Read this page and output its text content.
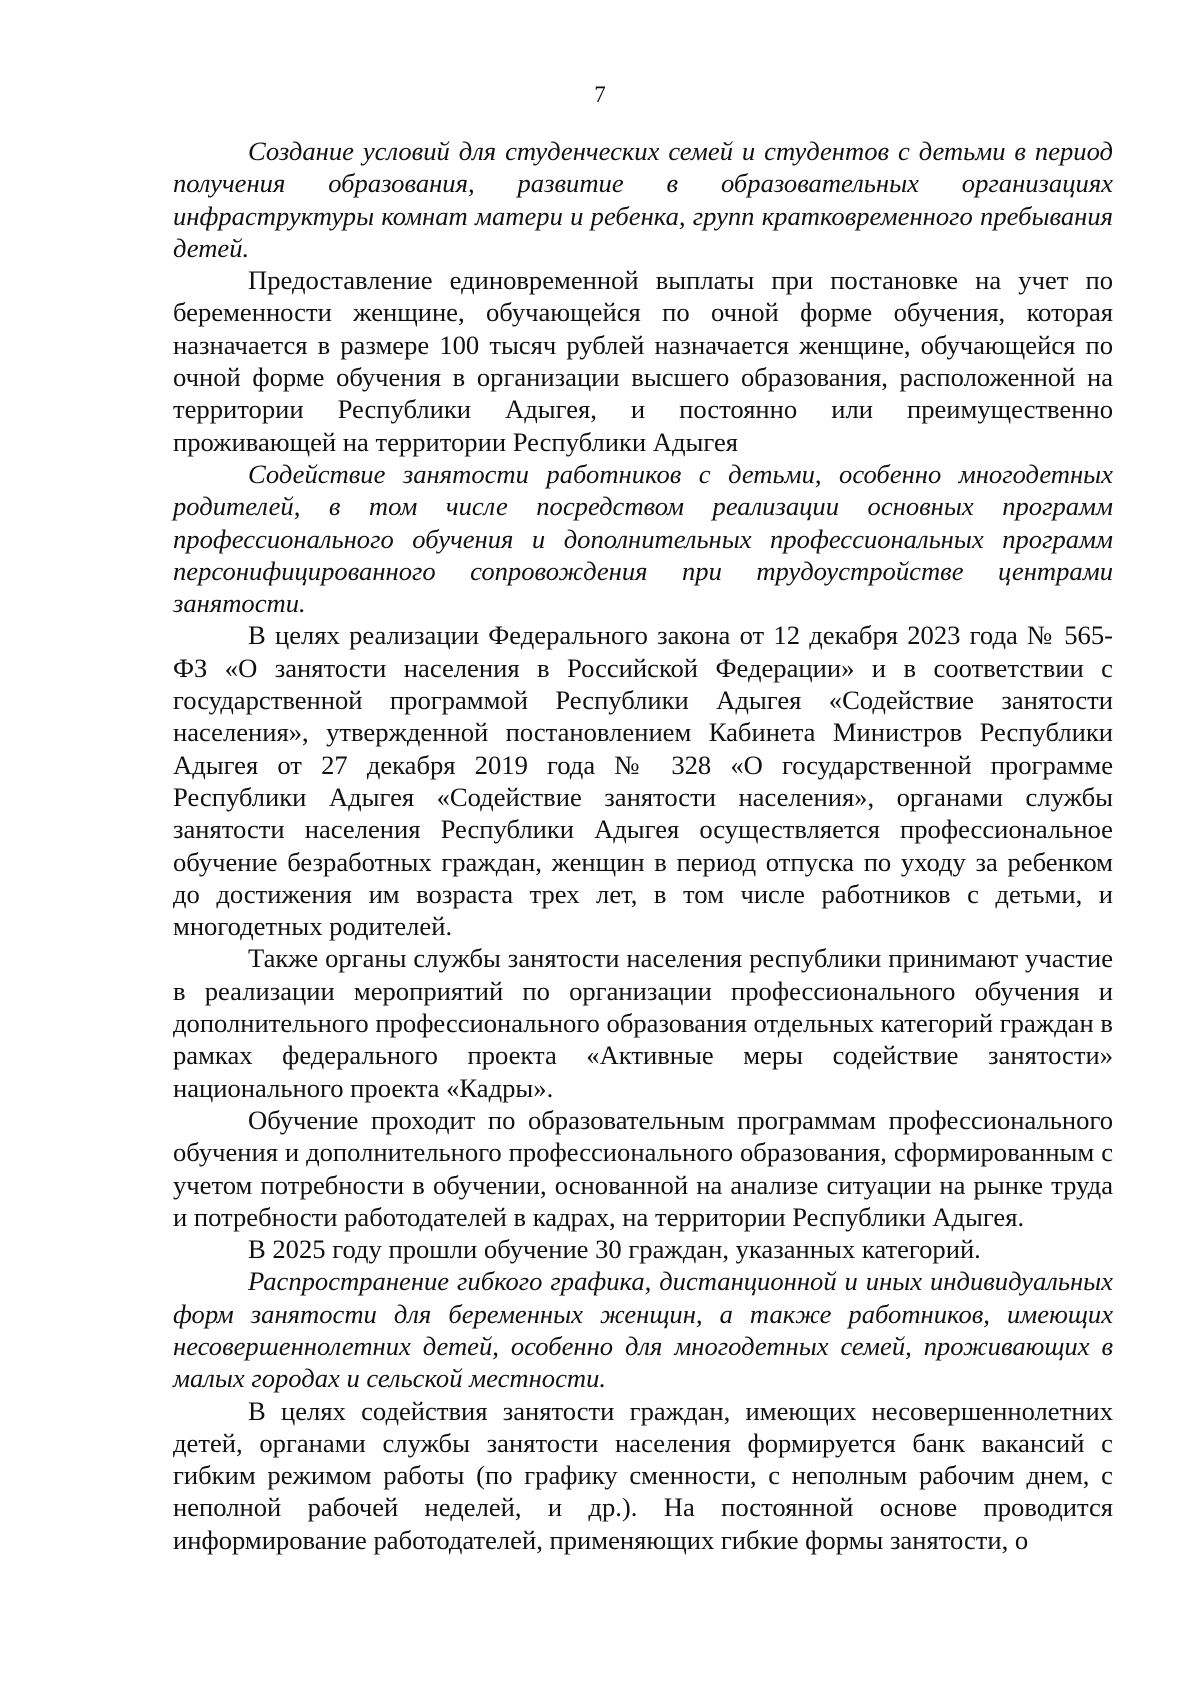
7

Создание условий для студенческих семей и студентов с детьми в период получения образования, развитие в образовательных организациях инфраструктуры комнат матери и ребенка, групп кратковременного пребывания детей.

Предоставление единовременной выплаты при постановке на учет по беременности женщине, обучающейся по очной форме обучения, которая назначается в размере 100 тысяч рублей назначается женщине, обучающейся по очной форме обучения в организации высшего образования, расположенной на территории Республики Адыгея, и постоянно или преимущественно проживающей на территории Республики Адыгея

Содействие занятости работников с детьми, особенно многодетных родителей, в том числе посредством реализации основных программ профессионального обучения и дополнительных профессиональных программ персонифицированного сопровождения при трудоустройстве центрами занятости.

В целях реализации Федерального закона от 12 декабря 2023 года № 565-ФЗ «О занятости населения в Российской Федерации» и в соответствии с государственной программой Республики Адыгея «Содействие занятости населения», утвержденной постановлением Кабинета Министров Республики Адыгея от 27 декабря 2019 года № 328 «О государственной программе Республики Адыгея «Содействие занятости населения», органами службы занятости населения Республики Адыгея осуществляется профессиональное обучение безработных граждан, женщин в период отпуска по уходу за ребенком до достижения им возраста трех лет, в том числе работников с детьми, и многодетных родителей.

Также органы службы занятости населения республики принимают участие в реализации мероприятий по организации профессионального обучения и дополнительного профессионального образования отдельных категорий граждан в рамках федерального проекта «Активные меры содействие занятости» национального проекта «Кадры».

Обучение проходит по образовательным программам профессионального обучения и дополнительного профессионального образования, сформированным с учетом потребности в обучении, основанной на анализе ситуации на рынке труда и потребности работодателей в кадрах, на территории Республики Адыгея.

В 2025 году прошли обучение 30 граждан, указанных категорий.

Распространение гибкого графика, дистанционной и иных индивидуальных форм занятости для беременных женщин, а также работников, имеющих несовершеннолетних детей, особенно для многодетных семей, проживающих в малых городах и сельской местности.

В целях содействия занятости граждан, имеющих несовершеннолетних детей, органами службы занятости населения формируется банк вакансий с гибким режимом работы (по графику сменности, с неполным рабочим днем, с неполной рабочей неделей, и др.). На постоянной основе проводится информирование работодателей, применяющих гибкие формы занятости, о
